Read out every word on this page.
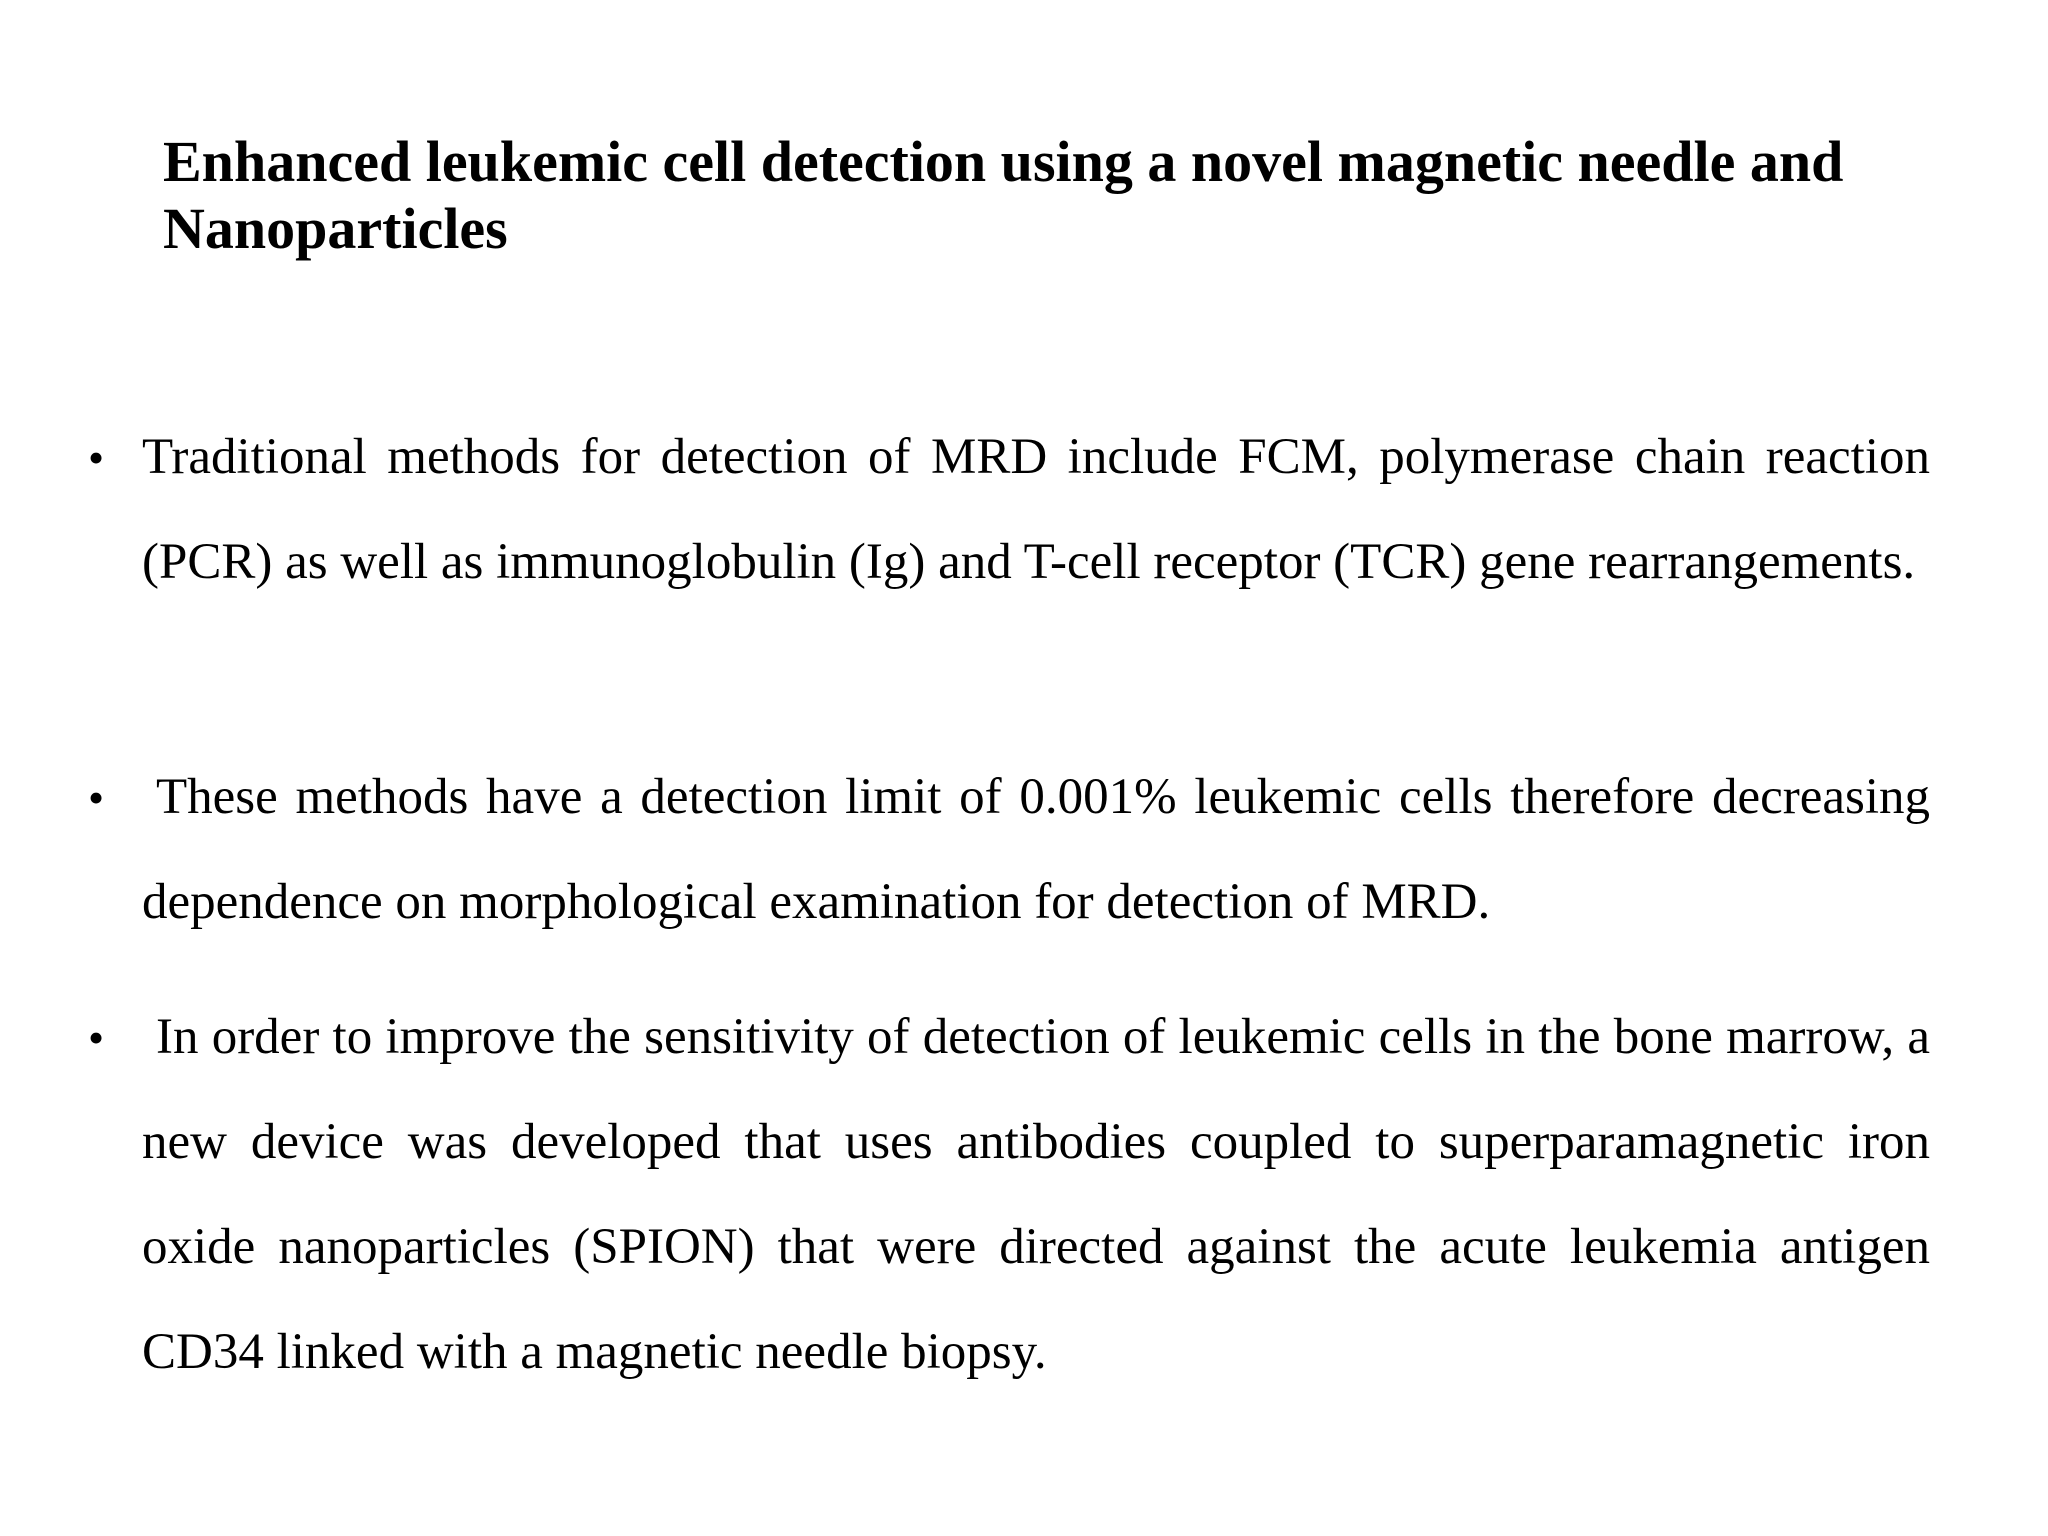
Enhanced leukemic cell detection using a novel magnetic needle and Nanoparticles
• Traditional methods for detection of MRD include FCM, polymerase chain reaction (PCR) as well as immunoglobulin (Ig) and T-cell receptor (TCR) gene rearrangements.
• These methods have a detection limit of 0.001% leukemic cells therefore decreasing dependence on morphological examination for detection of MRD.
• In order to improve the sensitivity of detection of leukemic cells in the bone marrow, a new device was developed that uses antibodies coupled to superparamagnetic iron oxide nanoparticles (SPION) that were directed against the acute leukemia antigen CD34 linked with a magnetic needle biopsy.
